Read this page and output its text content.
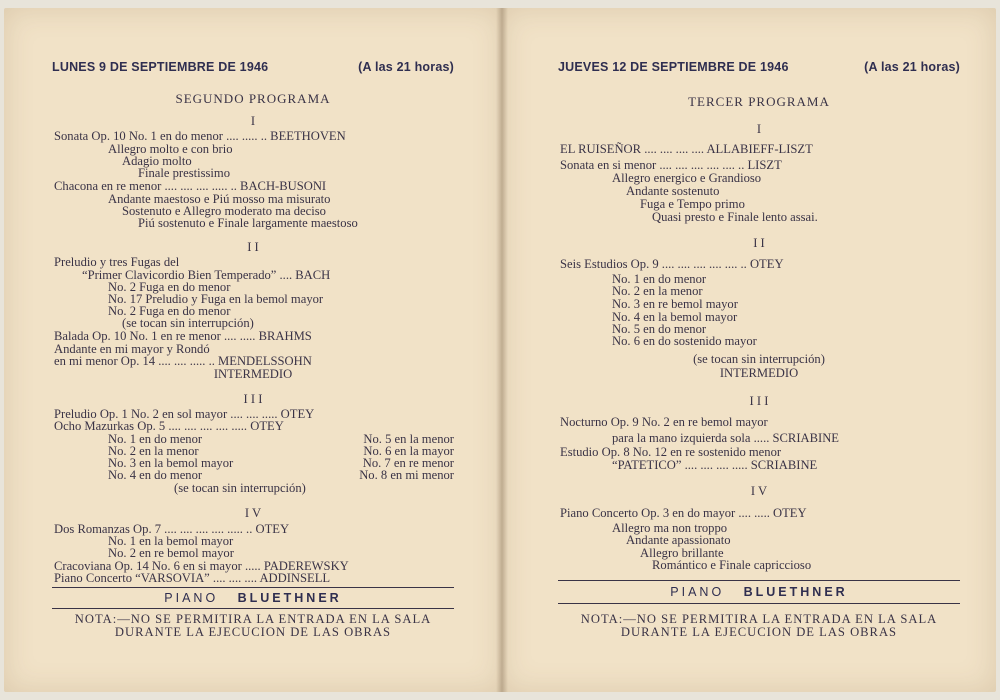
LUNES 9 DE SEPTIEMBRE DE 1946	(A las 21 horas)
SEGUNDO PROGRAMA
I
Sonata Op. 10 No. 1 en do menor .... ..... .. BEETHOVEN
Allegro molto e con brio
Adagio molto
Finale prestissimo
Chacona en re menor .... .... .... ..... .. BACH-BUSONI
Andante maestoso e Piú mosso ma misurato
Sostenuto e Allegro moderato ma deciso
Piú sostenuto e Finale largamente maestoso
I I
Preludio y tres Fugas del
“Primer Clavicordio Bien Temperado” .... BACH
No. 2 Fuga en do menor
No. 17 Preludio y Fuga en la bemol mayor
No. 2 Fuga en do menor
(se tocan sin interrupción)
Balada Op. 10 No. 1 en re menor .... ..... BRAHMS
Andante en mi mayor y Rondó
en mi menor Op. 14 .... .... ..... .. MENDELSSOHN
INTERMEDIO
I I I
Preludio Op. 1 No. 2 en sol mayor .... .... ..... OTEY
Ocho Mazurkas Op. 5 .... .... .... .... ..... OTEY
No. 1 en do menor	No. 5 en la menor
No. 2 en la menor	No. 6 en la mayor
No. 3 en la bemol mayor	No. 7 en re menor
No. 4 en do menor	No. 8 en mi menor
(se tocan sin interrupción)
I V
Dos Romanzas Op. 7 .... .... .... .... ..... .. OTEY
No. 1 en la bemol mayor
No. 2 en re bemol mayor
Cracoviana Op. 14 No. 6 en si mayor ..... PADEREWSKY
Piano Concerto “VARSOVIA” .... .... .... ADDINSELL
PIANO BLUETHNER
NOTA:—NO SE PERMITIRA LA ENTRADA EN LA SALA
DURANTE LA EJECUCION DE LAS OBRAS
JUEVES 12 DE SEPTIEMBRE DE 1946	(A las 21 horas)
TERCER PROGRAMA
I
EL RUISEÑOR .... .... .... .... ALLABIEFF-LISZT
Sonata en si menor .... .... .... .... .... .. LISZT
Allegro energico e Grandioso
Andante sostenuto
Fuga e Tempo primo
Quasi presto e Finale lento assai.
I I
Seis Estudios Op. 9 .... .... .... .... .... .. OTEY
No. 1 en do menor
No. 2 en la menor
No. 3 en re bemol mayor
No. 4 en la bemol mayor
No. 5 en do menor
No. 6 en do sostenido mayor
(se tocan sin interrupción)
INTERMEDIO
I I I
Nocturno Op. 9 No. 2 en re bemol mayor
para la mano izquierda sola ..... SCRIABINE
Estudio Op. 8 No. 12 en re sostenido menor
“PATETICO” .... .... .... ..... SCRIABINE
I V
Piano Concerto Op. 3 en do mayor .... ..... OTEY
Allegro ma non troppo
Andante apassionato
Allegro brillante
Romántico e Finale capriccioso
PIANO BLUETHNER
NOTA:—NO SE PERMITIRA LA ENTRADA EN LA SALA
DURANTE LA EJECUCION DE LAS OBRAS
